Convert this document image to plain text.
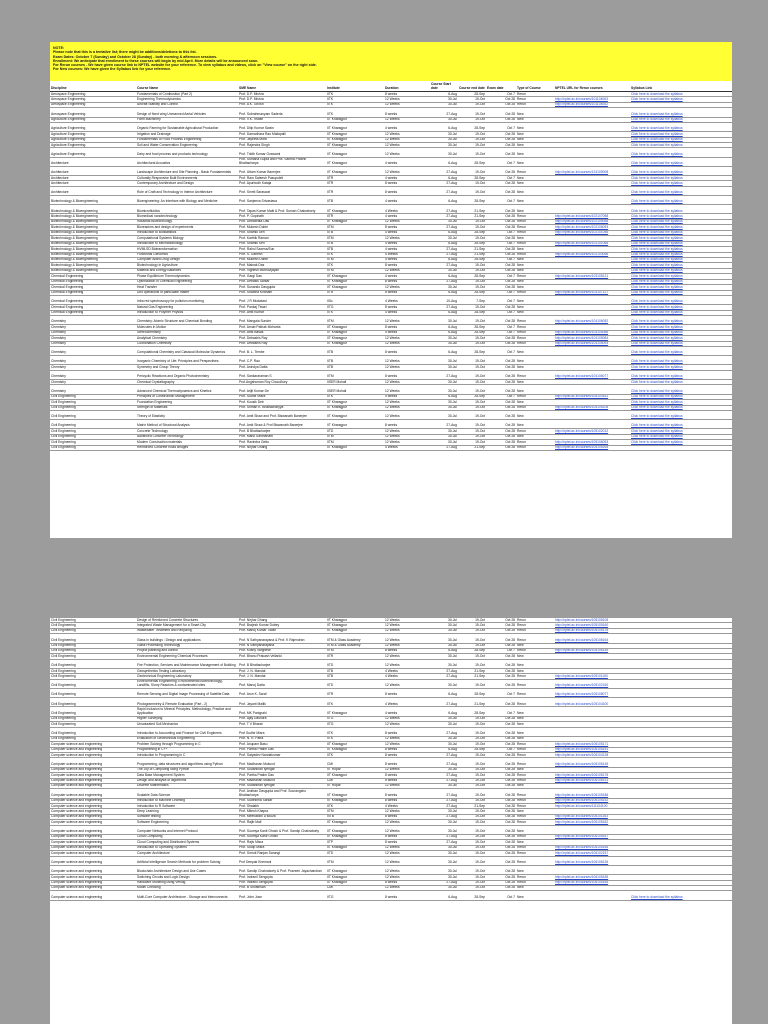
NOTE:
Please note that this is a tentative list; there might be additions/deletions to this list.
Exam Dates: October 7 (Sunday) and October 28 (Sunday) - both morning & afternoon sessions.
Enrollment: We anticipate that enrollment to these courses will begin by mid April. More details will be announced soon.
For Rerun courses - We have given course link to NPTEL website for your reference. To view syllabus and videos, click on "View course" on the right side.
For New courses: We have given the Syllabus link for your reference.
Discipline	Course Name	SME Name	Institute	Duration	Course Start date	Course end date	Exam date	Type of Course	NPTEL URL for Rerun courses	Syllabus Link
Aerospace Engineering	Fundamentals of Combustion (Part 2)	Prof. D.P. Mishra	IITK	8 weeks	6-Aug	28-Sep	Oct 7	Rerun		Click here to download the syllabus
Aerospace Engineering	Engineering Thermodynamics	Prof. D.P. Mishra	IITK	12 Weeks	30-Jul	19-Oct	Oct 28	Rerun	http://nptel.ac.in/courses/101104063	Click here to download the syllabus
Aerospace Engineering	Aircraft Stability and Control	Prof. A.K. Ghosh	IITK	12 Weeks	30-Jul	19-Oct	Oct 28	Rerun	http://nptel.ac.in/courses/101104062	
Aerospace Engineering	Design of fixed wing Unmanned Aerial Vehicles	Prof. Subrahmanyam Saderla	IITK	8 weeks	27-Aug	19-Oct	Oct 28	New		Click here to download the syllabus
Agriculture Engineering	Farm Machinery	Prof. V.K. Tewari	IIT Kharagpur	12 Weeks	30-Jul	19-Oct	Oct 28	New		Click here to download the syllabus
Agriculture Engineering	Organic Farming for Sustainable Agricultural Production	Prof. Dilip Kumar Swain	IIT Kharagpur	4 weeks	6-Aug	28-Sep	Oct 7	New		Click here to download the syllabus
Agriculture Engineering	Irrigation and Drainage	Prof. Damodhara Rao Mailapalli	IIT Kharagpur	12 Weeks	30-Jul	19-Oct	Oct 28	New		Click here to download the syllabus
Agriculture Engineering	Fundamentals of Food Process Engineering	Prof. Jayeeta Mitra	IIT Kharagpur	12 Weeks	30-Jul	19-Oct	Oct 28	New		Click here to download the syllabus
Agriculture Engineering	Soil and Water Conservation Engineering	Prof. Rajendra Singh	IIT Kharagpur	12 Weeks	30-Jul	19-Oct	Oct 28	New		Click here to download the syllabus
Agriculture Engineering	Dairy and food process and products technology	Prof. Tridib Kumar Goswami	IIT Kharagpur	12 Weeks	30-Jul	19-Oct	Oct 28	New		Click here to download the syllabus
Architecture	Architectural Acoustics	Prof. Sumana Gupta and Prof. Santha Prabhir Bhattacharya	IIT Kharagpur	4 weeks	6-Aug	28-Sep	Oct 7	New		Click here to download the syllabus
Architecture	Landscape Architecture and Site Planning - Basic Fundamentals	Prof. Uttam Kumar Banerjee	IIT Kharagpur	12 Weeks	27-Aug	19-Oct	Oct 28	Rerun	http://nptel.ac.in/courses/124105008	Click here to download the syllabus
Architecture	Culturally Responsive Built Environments	Prof. Ram Sateesh Pasupuleti	IITR	4 weeks	6-Aug	28-Sep	Oct 7	New		Click here to download the syllabus
Architecture	Contemporary Architecture and Design	Prof. Apurbodh Kataja	IITR	8 weeks	27-Aug	19-Oct	Oct 28	New		Click here to download the syllabus
Architecture	Role of Craft and Technology in Interior Architecture	Prof. Smriti Saraswat	IITR	8 weeks	27-Aug	19-Oct	Oct 28	New		Click here to download the syllabus
Biotechnology & Bioengineering	Bioengineering: An Interface with Biology and Medicine	Prof. Sanjeeva Srivastava	IITB	4 weeks	6-Aug	28-Sep	Oct 7	New		Click here to download the syllabus
Biotechnology & Bioengineering	Biomicrofluidics	Prof. Tapas Kumar Maiti & Prof. Suman Chakraborty	IIT Kharagpur	4 Weeks	27-Aug	21-Sep	Oct 28	New		Click here to download the syllabus
Biotechnology & Bioengineering	Biomedical nanotechnology	Prof. P. Gopinath	IITR	4 weeks	27-Aug	21-Sep	Oct 28	Rerun	http://nptel.ac.in/courses/102107058	Click here to download the syllabus
Biotechnology & Bioengineering	Industrial Biotechnology	Prof. Debabrata Das	IIT Kharagpur	12 Weeks	30-Jul	19-Oct	Oct 28	Rerun	http://nptel.ac.in/courses/102105058	Click here to download the syllabus
Biotechnology & Bioengineering	Bioreactors and design of experiments	Prof. Mukesh Doble	IITM	8 weeks	27-Aug	19-Oct	Oct 28	Rerun	http://nptel.ac.in/courses/102106053	Click here to download the syllabus
Biotechnology & Bioengineering	Introduction to Biostatistics	Prof. Shamik Sen	IITB	4 weeks	6-Aug	28-Sep	Oct 7	Rerun	http://nptel.ac.in/courses/102101056	Click here to download the syllabus
Biotechnology & Bioengineering	Computational Systems Biology	Prof. Karthik Raman	IITM	12 Weeks	30-Jul	19-Oct	Oct 28	New		Click here to download the syllabus
Biotechnology & Bioengineering	Introduction to Mechanobiology	Prof. Shamik Sen	IITB	4 weeks	6-Aug	28-Sep	Oct 7	Rerun	http://nptel.ac.in/courses/102101066	Click here to download the syllabus
Biotechnology & Bioengineering	HVMLSD Biotransformation	Prof. Rahul Saxena/Sun	IITB	4 weeks	27-Aug	21-Sep	Oct 28	New		Click here to download the syllabus
Biotechnology & Bioengineering	Functional Genomics	Prof. S. Ganesh	IITK	4 Weeks	27-Aug	21-Sep	Oct 28	Rerun	http://nptel.ac.in/courses/102104056	Click here to download the syllabus
Biotechnology & Bioengineering	Computer Aided Drug Design	Prof. Mukesh Doble	IITM	4 weeks	6-Aug	28-Sep	Oct 7	New		Click here to download the syllabus
Biotechnology & Bioengineering	Biotechnology in Agriculture	Prof. Mainak Das	IITK	8 weeks	27-Aug	19-Oct	Oct 28	New		Click here to download the syllabus
Biotechnology & Bioengineering	Material and Energy Balances	Prof. Vignesh Muthuvijayan	IITM	12 Weeks	30-Jul	19-Oct	Oct 28	New		Click here to download the syllabus
Chemical Engineering	Phase Equilibrium Thermodynamics	Prof. Gargi Das	IIT Kharagpur	4 weeks	6-Aug	28-Sep	Oct 7	Rerun	http://nptel.ac.in/courses/103105121	Click here to download the syllabus
Chemical Engineering	Optimization in Chemical Engineering	Prof. Debasis Sarkar	IIT Kharagpur	8 weeks	27-Aug	19-Oct	Oct 28	New		Click here to download the syllabus
Chemical Engineering	Heat Transfer	Prof. Sunando Dasgupta	IIT Kharagpur	12 Weeks	30-Jul	19-Oct	Oct 28	New		Click here to download the syllabus
Chemical Engineering	Unit operations of particulate matter	Prof. Shabina Khanam	IITR	8 weeks	6-Aug	28-Sep	Oct 7	Rerun	http://nptel.ac.in/courses/103107127	Click here to download the syllabus
Chemical Engineering	Infra red spectroscopy for pollution monitoring	Prof. J R Mudakavi	IISc	4 Weeks	10-Aug	7-Sep	Oct 7	New		Click here to download the syllabus
Chemical Engineering	Natural Gas Engineering	Prof. Pankaj Tiwari	IITG	8 weeks	27-Aug	19-Oct	Oct 28	New		Click here to download the syllabus
Chemical Engineering	Introduction to Polymer Physics	Prof. Amit Kumar	IITK	4 weeks	6-Aug	28-Sep	Oct 7	New		Click here to download the syllabus
Chemistry	Chemistry: Atomic Structure and Chemical Bonding	Prof. Mangala Sunder	IITM	12 Weeks	30-Jul	19-Oct	Oct 28	Rerun	http://nptel.ac.in/courses/104106052	Click here to download the syllabus
Chemistry	Molecules in Motion	Prof. Arnab Pathak Mohanta	IIT Kharagpur	8 weeks	6-Aug	28-Sep	Oct 7	Rerun		Click here to download the syllabus
Chemistry	Stereochemistry	Prof. Amit Basak	IIT Kharagpur	4 weeks	6-Aug	28-Sep	Oct 7	Rerun	http://nptel.ac.in/courses/104105086	Click here to download the syllabus
Chemistry	Analytical Chemistry	Prof. Debashis Ray	IIT Kharagpur	12 Weeks	30-Jul	19-Oct	Oct 28	Rerun	http://nptel.ac.in/courses/104105084	Click here to download the syllabus
Chemistry	Coordination Chemistry	Prof. Debashis Ray	IIT Kharagpur	12 Weeks	30-Jul	19-Oct	Oct 28	Rerun	http://nptel.ac.in/courses/104105093	Click here to download the syllabus
Chemistry	Computational Chemistry and Classical Molecular Dynamics	Prof. B. L. Tembe	IITB	8 weeks	6-Aug	28-Sep	Oct 7	New		Click here to download the syllabus
Chemistry	Inorganic Chemistry of Life: Principles and Perspectives	Prof. C.P. Rao	IITB	12 Weeks	30-Jul	19-Oct	Oct 28	New		Click here to download the syllabus
Chemistry	Symmetry and Group Theory	Prof. Anindya Datta	IITB	12 Weeks	30-Jul	19-Oct	Oct 28	New		Click here to download the syllabus
Chemistry	Pericyclic Reactions and Organic Photochemistry	Prof. Sankararaman S	IITM	8 weeks	27-Aug	19-Oct	Oct 28	Rerun	http://nptel.ac.in/courses/104106077	Click here to download the syllabus
Chemistry	Chemical Crystallography	Prof.Angshuman Roy Choudhury	IISER Mohali	12 Weeks	30-Jul	19-Oct	Oct 28	New		Click here to download the syllabus
Chemistry	Advanced Chemical Thermodynamics and Kinetics	Prof. Arijit Kumar De	IISER Mohali	12 Weeks	30-Jul	19-Oct	Oct 28	New		Click here to download the syllabus
Civil Engineering	Principles of Construction Management	Prof. Sudhir Misra	IITK	4 weeks	6-Aug	28-Sep	Oct 7	Rerun	http://nptel.ac.in/courses/105104161	Click here to download the syllabus
Civil Engineering	Foundation Engineering	Prof. Kousik Deb	IIT Kharagpur	12 Weeks	30-Jul	19-Oct	Oct 28	New		Click here to download the syllabus
Civil Engineering	Strength of Materials	Prof. Sriman K. Bhattacharyya	IIT Kharagpur	12 Weeks	30-Jul	19-Oct	Oct 28	Rerun	http://nptel.ac.in/courses/105105108	Click here to download the syllabus
Civil Engineering	Theory of Elasticity	Prof. Amit Shaw and Prof. Biswanath Banerjee	IIT Kharagpur	12 Weeks	30-Jul	19-Oct	Oct 28	New		Click here to download the syllabus
Civil Engineering	Matrix Method of Structural Analysis	Prof. Amit Shaw & Prof Biswanath Banerjee	IIT Kharagpur	8 weeks	27-Aug	19-Oct	Oct 28	New		Click here to download the syllabus
Civil Engineering	Concrete Technology	Prof. B Bhattacharjee	IITD	12 Weeks	30-Jul	19-Oct	Oct 28	Rerun	http://nptel.ac.in/courses/105102012	Click here to download the syllabus
Civil Engineering	Advanced Concrete Technology	Prof. Manu Santhanam	IITM	12 Weeks	30-Jul	19-Oct	Oct 28	New		Click here to download the syllabus
Civil Engineering	Modern Construction materials	Prof. Ravindra Gettu	IITM	12 Weeks	30-Jul	19-Oct	Oct 28	Rerun	http://nptel.ac.in/courses/105106053	Click here to download the syllabus
Civil Engineering	Reinforced Concrete Road Bridges	Prof. Nirjhar Dhang	IIT Kharagpur	4 Weeks	27-Aug	21-Sep	Oct 28	Rerun	http://nptel.ac.in/courses/105105165	
Civil Engineering	Design of Reinforced Concrete Structures	Prof. Nirjhar Dhang	IIT Kharagpur	12 Weeks	30-Jul	19-Oct	Oct 28	Rerun	http://nptel.ac.in/courses/105105105	
Civil Engineering	Integrated Waste Management for a Smart City	Prof. Brajesh Kumar Dubey	IIT Kharagpur	12 Weeks	30-Jul	19-Oct	Oct 28	Rerun	http://nptel.ac.in/courses/105105160	
Civil Engineering	Wastewater Treatment and Recycling	Prof. Manoj Kumar Tiwari	IIT Kharagpur	12 Weeks	30-Jul	19-Oct	Oct 28	Rerun	http://nptel.ac.in/courses/105105178	
Civil Engineering	Glass in buildings : Design and applications	Prof. N Sathyanarayana & Prof. K Rajendran	IITM & Glass Academy	12 Weeks	30-Jul	19-Oct	Oct 28	Rerun	http://nptel.ac.in/courses/105106164	
Civil Engineering	Glass Processing Technology	Prof. N Sathyanarayana	IITM & Glass Academy	12 Weeks	30-Jul	19-Oct	Oct 28	New		
Civil Engineering	Project planning and control	Prof. Koshy Varghese	IITM	8 weeks	6-Aug	28-Sep	Oct 7	Rerun	http://nptel.ac.in/courses/105106149	
Civil Engineering	Environmental Engineering Chemical Processes	Prof. Bhanu Prakash Vellanki	IITR	12 Weeks	30-Jul	19-Oct	Oct 28	New		
Civil Engineering	Fire Protection, Services and Maintenance Management of Building	Prof. B Bhattacharjee	IITD	12 Weeks	30-Jul	19-Oct	Oct 28	New		
Civil Engineering	Geosynthetics Testing Laboratory	Prof. J. N. Mandal	IITB	4 Weeks	27-Aug	21-Sep	Oct 28	New		
Civil Engineering	Geotechnical Engineering Laboratory	Prof. J. N. Mandal	IITB	4 Weeks	27-Aug	21-Sep	Oct 28	Rerun	http://nptel.ac.in/courses/105101160	
Civil Engineering	Environmental Engineering: Environmental Biotechnology), Landfills, Slurry Reactors & contaminated sites	Prof. Manoj Datta	IITD	12 Weeks	30-Jul	19-Oct	Oct 28	Rerun	http://nptel.ac.in/courses/105102160	
Civil Engineering	Remote Sensing and Digital Image Processing of Satellite Data	Prof. Arun K. Saraf	IITR	8 weeks	6-Aug	28-Sep	Oct 7	Rerun	http://nptel.ac.in/courses/105108077	
Civil Engineering	Photogrammetry & Remote Evaluation (Part - 2)	Prof. Jayant Mallik	IITK	4 Weeks	27-Aug	21-Sep	Oct 28	Rerun	http://nptel.ac.in/courses/105104100	
Civil Engineering	Rapid Inclusion to Mineral Principles, Methodology, Practice and Application	Prof. MK Panigrahi	IIT Kharagpur	4 weeks	6-Aug	28-Sep	Oct 7	New		
Civil Engineering	Higher Surveying	Prof. Ajay Dashora	IITG	12 Weeks	30-Jul	19-Oct	Oct 28	New		
Civil Engineering	Unsaturated Soil Mechanics	Prof. T V Bharat	IITG	12 Weeks	30-Jul	19-Oct	Oct 28	New		
Civil Engineering	Introduction to Accounting and Finance for Civil Engineers	Prof Sudhir Misra	IITK	8 weeks	27-Aug	19-Oct	Oct 28	New		
Civil Engineering	Evaluation of Geotechnical Engineering	Prof. N. R. Patra	IITK	12 Weeks	30-Jul	19-Oct	Oct 28	New		
Computer science and engineering	Problem Solving through Programming in C	Prof. Anupam Basu	IIT Kharagpur	12 Weeks	30-Jul	19-Oct	Oct 28	Rerun	http://nptel.ac.in/courses/106105171	
Computer science and engineering	Programming in C++	Prof. Partha Pratim Das	IIT Kharagpur	8 weeks	6-Aug	28-Sep	Oct 7	Rerun	http://nptel.ac.in/courses/106105151	
Computer science and engineering	Introduction to Programming in C	Prof. Satyadev Nandakumar	IITK	8 weeks	27-Aug	19-Oct	Oct 28	Rerun	http://nptel.ac.in/courses/106104128	
Computer science and engineering	Programming, data structures and algorithms using Python	Prof. Madhavan Mukund	CMI	8 weeks	27-Aug	19-Oct	Oct 28	Rerun	http://nptel.ac.in/courses/106106145	
Computer science and engineering	The Joy of Computing using Python	Prof. Sudarshan Iyengar	IIT Ropar	12 Weeks	30-Jul	19-Oct	Oct 28	New		
Computer science and engineering	Data Base Management System	Prof. Partha Pratim Das	IIT Kharagpur	8 weeks	27-Aug	19-Oct	Oct 28	Rerun	http://nptel.ac.in/courses/106105175	
Computer science and engineering	Design and analysis of algorithms	Prof. Madhavan Mukund	CMI	8 weeks	27-Aug	19-Oct	Oct 28	Rerun	http://nptel.ac.in/courses/106106131	
Computer science and engineering	Discrete Mathematics	Prof. Sudarshan Iyengar	IIT Ropar	12 Weeks	30-Jul	19-Oct	Oct 28	New		
Computer science and engineering	Scalable Data Science	Prof. Anirban Dasgupta and Prof. Sourangshu Bhattacharya	IIT Kharagpur	8 weeks	27-Aug	19-Oct	Oct 28	Rerun	http://nptel.ac.in/courses/106105186	
Computer science and engineering	Introduction to Machine Learning	Prof. Sudeshna Sarkar	IIT Kharagpur	8 weeks	27-Aug	19-Oct	Oct 28	Rerun	http://nptel.ac.in/courses/106105152	
Computer science and engineering	Introduction to R Software	Prof. Shalabh	IITK	4 Weeks	27-Aug	21-Sep	Oct 28	Rerun	http://nptel.ac.in/courses/111104100	
Computer science and engineering	Deep Learning	Prof. Mitesh Khapra	IITM	12 Weeks	30-Jul	19-Oct	Oct 28	New		
Computer science and engineering	Software testing	Prof. Meenakshi D'souza	IIITB	8 weeks	27-Aug	19-Oct	Oct 28	Rerun	http://nptel.ac.in/courses/106101163	
Computer science and engineering	Software Engineering	Prof. Rajib Mall	IIT Kharagpur	12 Weeks	30-Jul	19-Oct	Oct 28	Rerun	http://nptel.ac.in/courses/106105182	
Computer science and engineering	Computer Networks and Internet Protocol	Prof. Soumya Kanti Ghosh & Prof. Sandip Chakraborty	IIT Kharagpur	12 Weeks	30-Jul	19-Oct	Oct 28	New		
Computer science and engineering	Cloud Computing	Prof. Soumya Kanti Ghosh	IIT Kharagpur	8 weeks	27-Aug	19-Oct	Oct 28	Rerun	http://nptel.ac.in/courses/106105167	
Computer science and engineering	Cloud Computing and Distributed Systems	Prof. Rajiv Misra	IITP	8 weeks	27-Aug	19-Oct	Oct 28	New		
Computer science and engineering	Introduction to Operating Systems	Prof. Sudip Misra	IIT Kharagpur	12 Weeks	30-Jul	19-Oct	Oct 28	Rerun	http://nptel.ac.in/courses/106105166	
Computer science and engineering	Computer Architecture	Prof. Smruti Ranjan Sarangi	IITD	12 Weeks	30-Jul	19-Oct	Oct 28	Rerun	http://nptel.ac.in/courses/106102157	
Computer science and engineering	Artificial Intelligence Search Methods for problem Solving	Prof Deepak Khemani	IITM	12 Weeks	30-Jul	19-Oct	Oct 28	Rerun	http://nptel.ac.in/courses/106106126	
Computer science and engineering	Blockchain Architecture Design and Use Cases	Prof. Sandip Chakraborty & Prof. Praveen Jayachandran	IIT Kharagpur	12 Weeks	30-Jul	19-Oct	Oct 28	New		
Computer science and engineering	Switching Circuits and Logic Design	Prof. Indranil Sengupta	IIT Kharagpur	12 Weeks	30-Jul	19-Oct	Oct 28	Rerun	http://nptel.ac.in/courses/106105185	
Computer science and engineering	Hardware Modeling using Verilog	Prof. Indranil Sengupta	IIT Kharagpur	8 weeks	27-Aug	19-Oct	Oct 28	Rerun	http://nptel.ac.in/courses/106105165	
Computer science and engineering	Model Checking	Prof. B Srivathsan	CMI	12 Weeks	30-Jul	19-Oct	Oct 28	New		
Computer science and engineering	Multi-Core Computer Architecture - Storage and Interconnects	Prof. John Jose	IITG	8 weeks	6-Aug	28-Sep	Oct 7	New		Click here to download the syllabus
